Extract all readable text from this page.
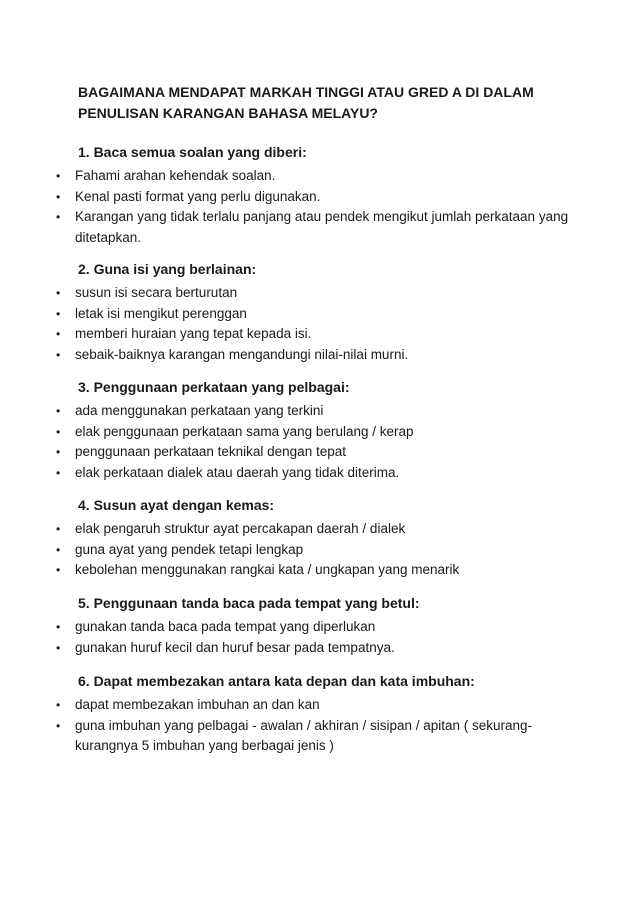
BAGAIMANA MENDAPAT MARKAH TINGGI ATAU GRED A DI DALAM PENULISAN KARANGAN BAHASA MELAYU?

1. Baca semua soalan yang diberi:

• Fahami arahan kehendak soalan.
• Kenal pasti format yang perlu digunakan.
• Karangan yang tidak terlalu panjang atau pendek mengikut jumlah perkataan yang ditetapkan.

2. Guna isi yang berlainan:

• susun isi secara berturutan
• letak isi mengikut perenggan
• memberi huraian yang tepat kepada isi.
• sebaik-baiknya karangan mengandungi nilai-nilai murni.

3. Penggunaan perkataan yang pelbagai:

• ada menggunakan perkataan yang terkini
• elak penggunaan perkataan sama yang berulang / kerap
• penggunaan perkataan teknikal dengan tepat
• elak perkataan dialek atau daerah yang tidak diterima.

4. Susun ayat dengan kemas:

• elak pengaruh struktur ayat percakapan daerah / dialek
• guna ayat yang pendek tetapi lengkap
• kebolehan menggunakan rangkai kata / ungkapan yang menarik

5. Penggunaan tanda baca pada tempat yang betul:

• gunakan tanda baca pada tempat yang diperlukan
• gunakan huruf kecil dan huruf besar pada tempatnya.

6. Dapat membezakan antara kata depan dan kata imbuhan:

• dapat membezakan imbuhan an dan kan
• guna imbuhan yang pelbagai - awalan / akhiran / sisipan / apitan ( sekurang-kurangnya 5 imbuhan yang berbagai jenis )
